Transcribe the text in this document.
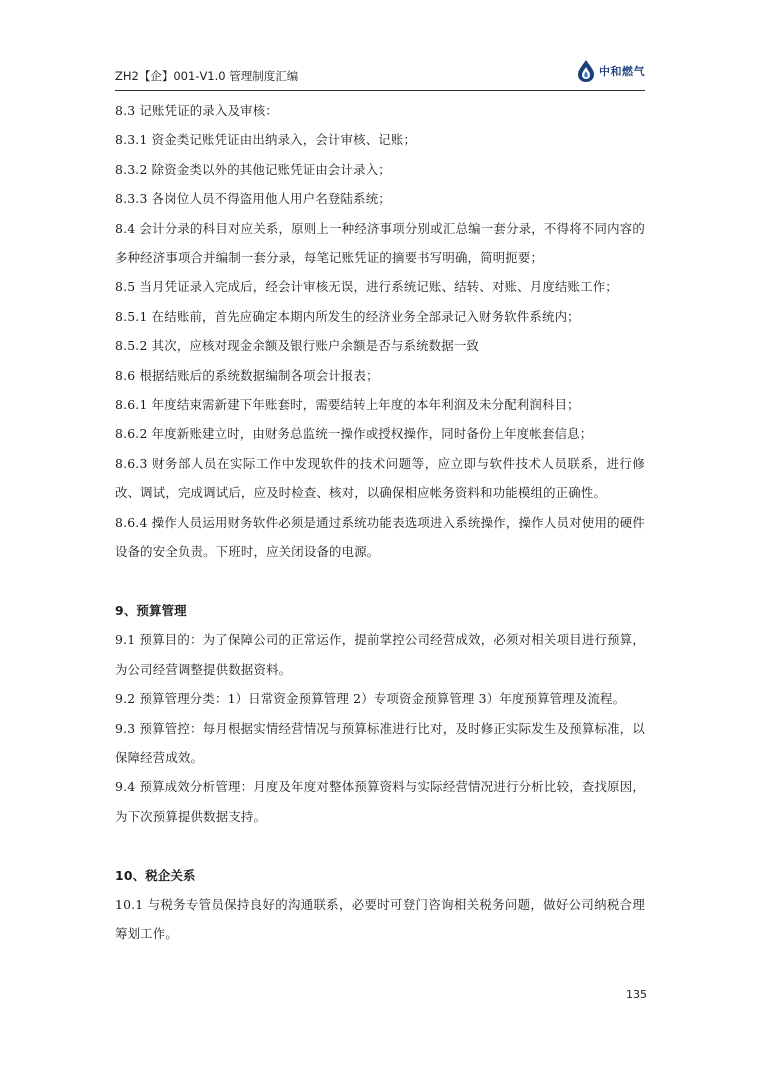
ZH2【企】001-V1.0 管理制度汇编	中和燃气

8.3 记账凭证的录入及审核：

8.3.1 资金类记账凭证由出纳录入，会计审核、记账；

8.3.2 除资金类以外的其他记账凭证由会计录入；

8.3.3 各岗位人员不得盗用他人用户名登陆系统；

8.4 会计分录的科目对应关系，原则上一种经济事项分别或汇总编一套分录，不得将不同内容的多种经济事项合并编制一套分录，每笔记账凭证的摘要书写明确，简明扼要；

8.5 当月凭证录入完成后，经会计审核无误，进行系统记账、结转、对账、月度结账工作；

8.5.1 在结账前，首先应确定本期内所发生的经济业务全部录记入财务软件系统内；

8.5.2 其次，应核对现金余额及银行账户余额是否与系统数据一致

8.6 根据结账后的系统数据编制各项会计报表；

8.6.1 年度结束需新建下年账套时，需要结转上年度的本年利润及未分配利润科目；

8.6.2 年度新账建立时，由财务总监统一操作或授权操作，同时备份上年度帐套信息；

8.6.3 财务部人员在实际工作中发现软件的技术问题等，应立即与软件技术人员联系，进行修改、调试，完成调试后，应及时检查、核对，以确保相应帐务资料和功能模组的正确性。

8.6.4 操作人员运用财务软件必须是通过系统功能表选项进入系统操作，操作人员对使用的硬件设备的安全负责。下班时，应关闭设备的电源。

9、预算管理

9.1 预算目的：为了保障公司的正常运作，提前掌控公司经营成效，必须对相关项目进行预算，为公司经营调整提供数据资料。

9.2 预算管理分类：1）日常资金预算管理 2）专项资金预算管理 3）年度预算管理及流程。

9.3 预算管控：每月根据实情经营情况与预算标准进行比对，及时修正实际发生及预算标准，以保障经营成效。

9.4 预算成效分析管理：月度及年度对整体预算资料与实际经营情况进行分析比较，查找原因，为下次预算提供数据支持。

10、税企关系

10.1 与税务专管员保持良好的沟通联系，必要时可登门咨询相关税务问题，做好公司纳税合理筹划工作。

135
